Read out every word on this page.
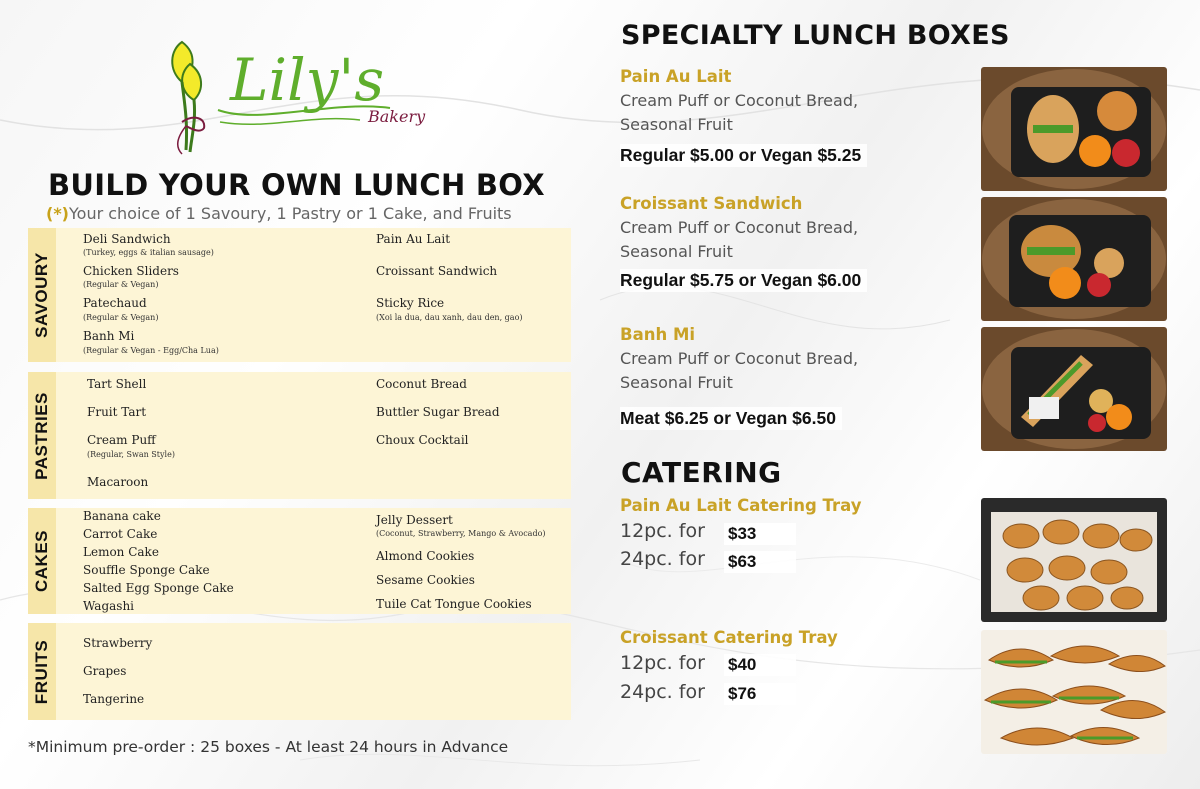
Lily's
Bakery
BUILD YOUR OWN LUNCH BOX
(*)Your choice of 1 Savoury, 1 Pastry or 1 Cake, and Fruits
SAVOURY
Deli Sandwich
(Turkey, eggs & italian sausage)
Chicken Sliders
(Regular & Vegan)
Patechaud
(Regular & Vegan)
Banh Mi
(Regular & Vegan - Egg/Cha Lua)
Pain Au Lait
Croissant Sandwich
Sticky Rice
(Xoi la dua, dau xanh, dau den, gao)
PASTRIES
Tart Shell
Fruit Tart
Cream Puff
(Regular, Swan Style)
Macaroon
Coconut Bread
Buttler Sugar Bread
Choux Cocktail
CAKES
Banana cake
Carrot Cake
Lemon Cake
Souffle Sponge Cake
Salted Egg Sponge Cake
Wagashi
Jelly Dessert
(Coconut, Strawberry, Mango & Avocado)
Almond Cookies
Sesame Cookies
Tuile Cat Tongue Cookies
FRUITS	Strawberry
Grapes
Tangerine
*Minimum pre-order : 25 boxes - At least 24 hours in Advance
SPECIALTY LUNCH BOXES
Pain Au Lait
Cream Puff or Coconut Bread,
Seasonal Fruit
Regular $5.00 or Vegan $5.25
Croissant Sandwich
Cream Puff or Coconut Bread,
Seasonal Fruit
Regular $5.75 or Vegan $6.00
Banh Mi
Cream Puff or Coconut Bread,
Seasonal Fruit
Meat $6.25 or Vegan $6.50
CATERING
Pain Au Lait Catering Tray
12pc. for $33
24pc. for $63
Croissant Catering Tray
12pc. for $40
24pc. for $76
